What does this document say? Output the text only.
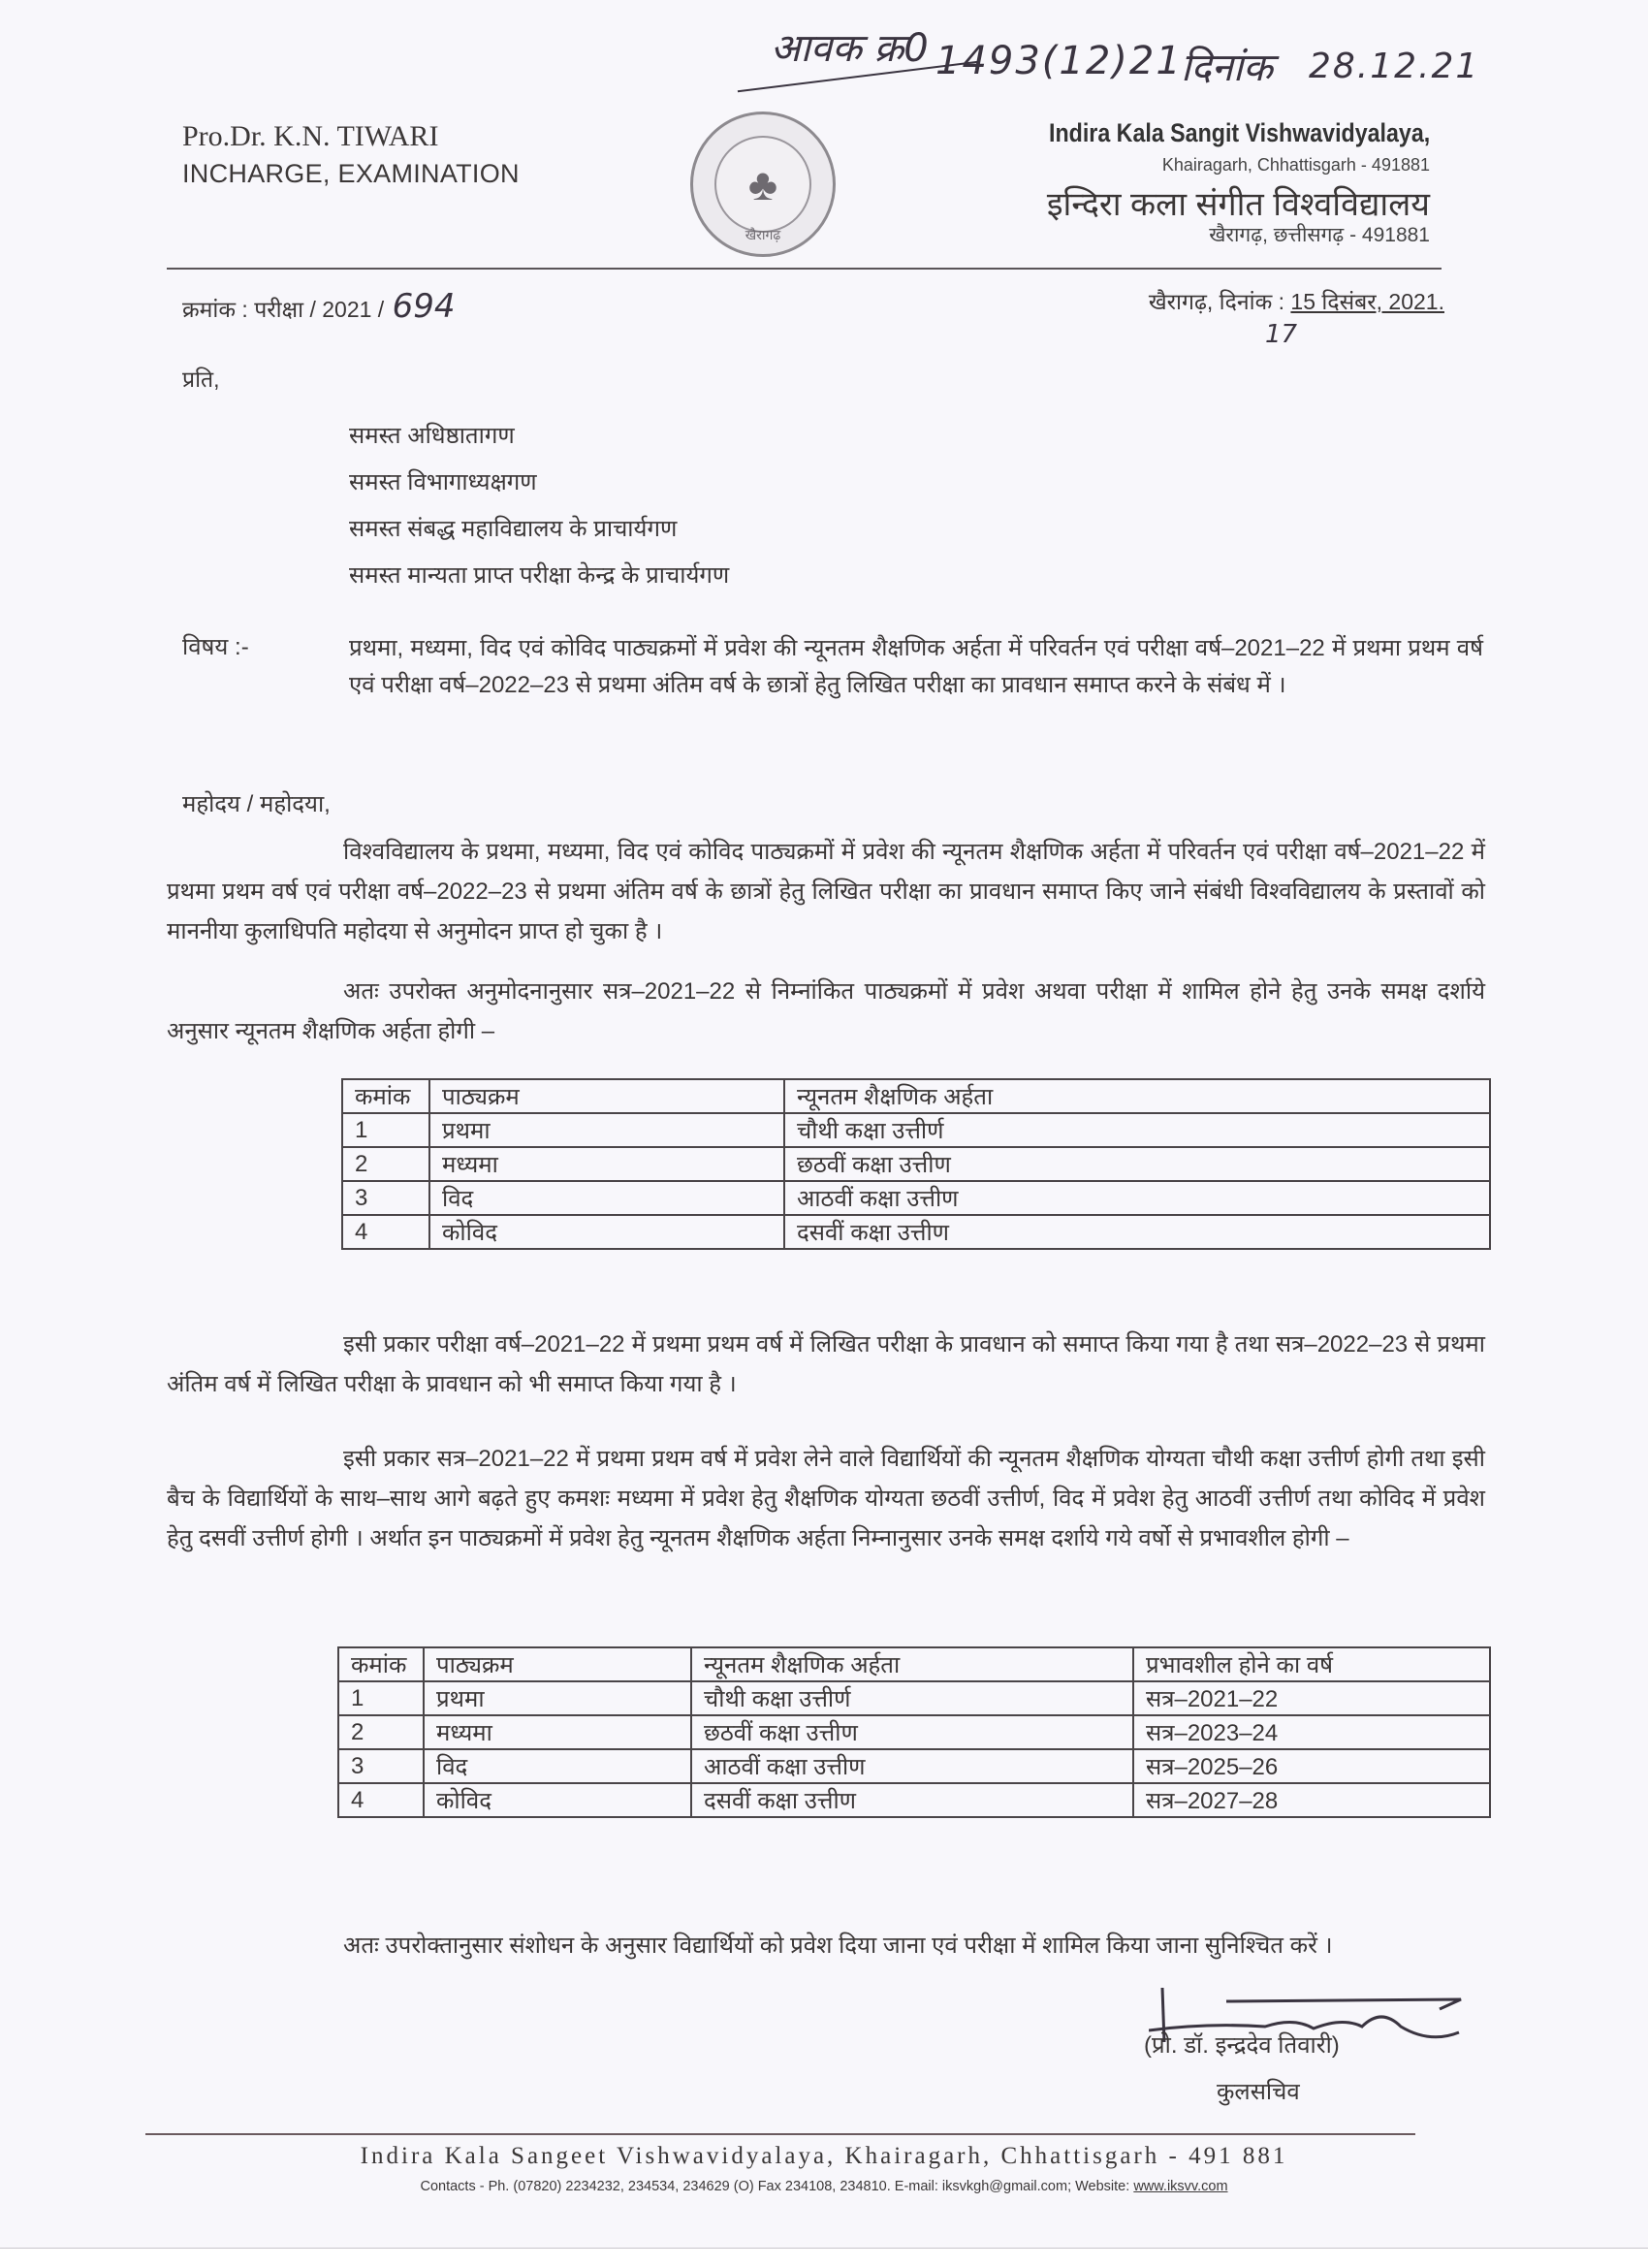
आवक क्र0 1493(12)21
दिनांक 28.12.21
Pro.Dr. K.N. TIWARI
INCHARGE, EXAMINATION	♣
खैरागढ़
Indira Kala Sangit Vishwavidyalaya,
Khairagarh, Chhattisgarh - 491881
इन्दिरा कला संगीत विश्वविद्यालय
खैरागढ़, छत्तीसगढ़ - 491881
क्रमांक : परीक्षा / 2021 / 694	खैरागढ़, दिनांक : 15 दिसंबर, 2021.
17
प्रति,
समस्त अधिष्ठातागण
समस्त विभागाध्यक्षगण
समस्त संबद्ध महाविद्यालय के प्राचार्यगण
समस्त मान्यता प्राप्त परीक्षा केन्द्र के प्राचार्यगण
विषय :-	प्रथमा, मध्यमा, विद एवं कोविद पाठ्यक्रमों में प्रवेश की न्यूनतम शैक्षणिक अर्हता में परिवर्तन एवं परीक्षा वर्ष–2021–22 में प्रथमा प्रथम वर्ष एवं परीक्षा वर्ष–2022–23 से प्रथमा अंतिम वर्ष के छात्रों हेतु लिखित परीक्षा का प्रावधान समाप्त करने के संबंध में ।
महोदय / महोदया,
विश्वविद्यालय के प्रथमा, मध्यमा, विद एवं कोविद पाठ्यक्रमों में प्रवेश की न्यूनतम शैक्षणिक अर्हता में परिवर्तन एवं परीक्षा वर्ष–2021–22 में प्रथमा प्रथम वर्ष एवं परीक्षा वर्ष–2022–23 से प्रथमा अंतिम वर्ष के छात्रों हेतु लिखित परीक्षा का प्रावधान समाप्त किए जाने संबंधी विश्वविद्यालय के प्रस्तावों को माननीया कुलाधिपति महोदया से अनुमोदन प्राप्त हो चुका है ।
अतः उपरोक्त अनुमोदनानुसार सत्र–2021–22 से निम्नांकित पाठ्यक्रमों में प्रवेश अथवा परीक्षा में शामिल होने हेतु उनके समक्ष दर्शाये अनुसार न्यूनतम शैक्षणिक अर्हता होगी –
कमांक	पाठ्यक्रम	न्यूनतम शैक्षणिक अर्हता
1	प्रथमा	चौथी कक्षा उत्तीर्ण
2	मध्यमा	छठवीं कक्षा उत्तीण
3	विद	आठवीं कक्षा उत्तीण
4	कोविद	दसवीं कक्षा उत्तीण
इसी प्रकार परीक्षा वर्ष–2021–22 में प्रथमा प्रथम वर्ष में लिखित परीक्षा के प्रावधान को समाप्त किया गया है तथा सत्र–2022–23 से प्रथमा अंतिम वर्ष में लिखित परीक्षा के प्रावधान को भी समाप्त किया गया है ।
इसी प्रकार सत्र–2021–22 में प्रथमा प्रथम वर्ष में प्रवेश लेने वाले विद्यार्थियों की न्यूनतम शैक्षणिक योग्यता चौथी कक्षा उत्तीर्ण होगी तथा इसी बैच के विद्यार्थियों के साथ–साथ आगे बढ़ते हुए कमशः मध्यमा में प्रवेश हेतु शैक्षणिक योग्यता छठवीं उत्तीर्ण, विद में प्रवेश हेतु आठवीं उत्तीर्ण तथा कोविद में प्रवेश हेतु दसवीं उत्तीर्ण होगी । अर्थात इन पाठ्यक्रमों में प्रवेश हेतु न्यूनतम शैक्षणिक अर्हता निम्नानुसार उनके समक्ष दर्शाये गये वर्षो से प्रभावशील होगी –
कमांक	पाठ्यक्रम	न्यूनतम शैक्षणिक अर्हता	प्रभावशील होने का वर्ष
1	प्रथमा	चौथी कक्षा उत्तीर्ण	सत्र–2021–22
2	मध्यमा	छठवीं कक्षा उत्तीण	सत्र–2023–24
3	विद	आठवीं कक्षा उत्तीण	सत्र–2025–26
4	कोविद	दसवीं कक्षा उत्तीण	सत्र–2027–28
अतः उपरोक्तानुसार संशोधन के अनुसार विद्यार्थियों को प्रवेश दिया जाना एवं परीक्षा में शामिल किया जाना सुनिश्चित करें ।
(प्रो. डॉ. इन्द्रदेव तिवारी)
कुलसचिव
Indira Kala Sangeet Vishwavidyalaya, Khairagarh, Chhattisgarh - 491 881
Contacts - Ph. (07820) 2234232, 234534, 234629 (O) Fax 234108, 234810. E-mail: iksvkgh@gmail.com; Website: www.iksvv.com
